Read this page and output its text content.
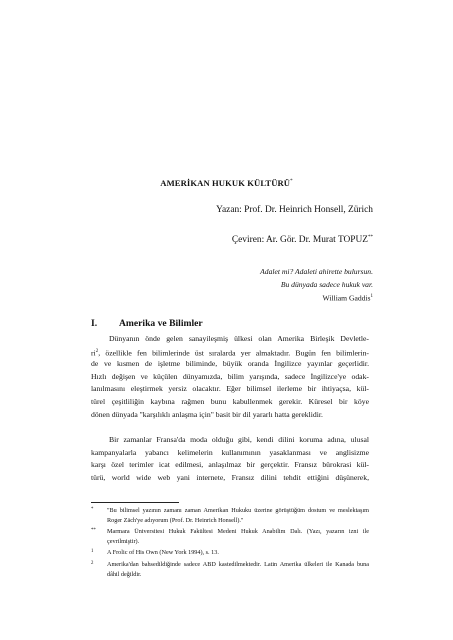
AMERİKAN HUKUK KÜLTÜRÜ*
Yazan: Prof. Dr. Heinrich Honsell, Zürich
Çeviren: Ar. Gör. Dr. Murat TOPUZ**
Adalet mi? Adaleti ahirette bulursun.
Bu dünyada sadece hukuk var.
William Gaddis$^1$
I. Amerika ve Bilimler
Dünyanın önde gelen sanayileşmiş ülkesi olan Amerika Birleşik Devletle-
$ri^2$, özellikle fen bilimlerinde üst sıralarda yer almaktadır. Bugün fen bilimlerin-
de ve kısmen de işletme biliminde, büyük oranda İngilizce yayınlar geçerlidir.
Hızlı değişen ve küçülen dünyamızda, bilim yarışında, sadece İngilizce'ye odak-
lanılmasını eleştirmek yersiz olacaktır. Eğer bilimsel ilerleme bir ihtiyaçsa, kül-
türel çeşitliliğin kaybına rağmen bunu kabullenmek gerekir. Küresel bir köye
dönen dünyada "karşılıklı anlaşma için" basit bir dil yararlı hatta gereklidir.
Bir zamanlar Fransa'da moda olduğu gibi, kendi dilini koruma adına, ulusal
kampanyalarla yabancı kelimelerin kullanımının yasaklanması ve anglisizme
karşı özel terimler icat edilmesi, anlaşılmaz bir gerçektir. Fransız bürokrasi kül-
türü, world wide web yani internete, Fransız dilini tehdit ettiğini düşünerek,
*	"Bu bilimsel yazının zamanı zaman Amerikan Hukuku üzerine görüştüğüm dostum ve meslektaşım Roger Zäch'ye adıyorum (Prof. Dr. Heinrich Honsell)."
**	Marmara Üniversitesi Hukuk Fakültesi Medeni Hukuk Anabilim Dalı. (Yazı, yazarın izni ile çevrilmiştir).
1	A Frolic of His Own (New York 1994), s. 13.
2	Amerika'dan bahsedildiğinde sadece ABD kastedilmektedir. Latin Amerika ülkeleri ile Kanada buna dâhil değildir.
